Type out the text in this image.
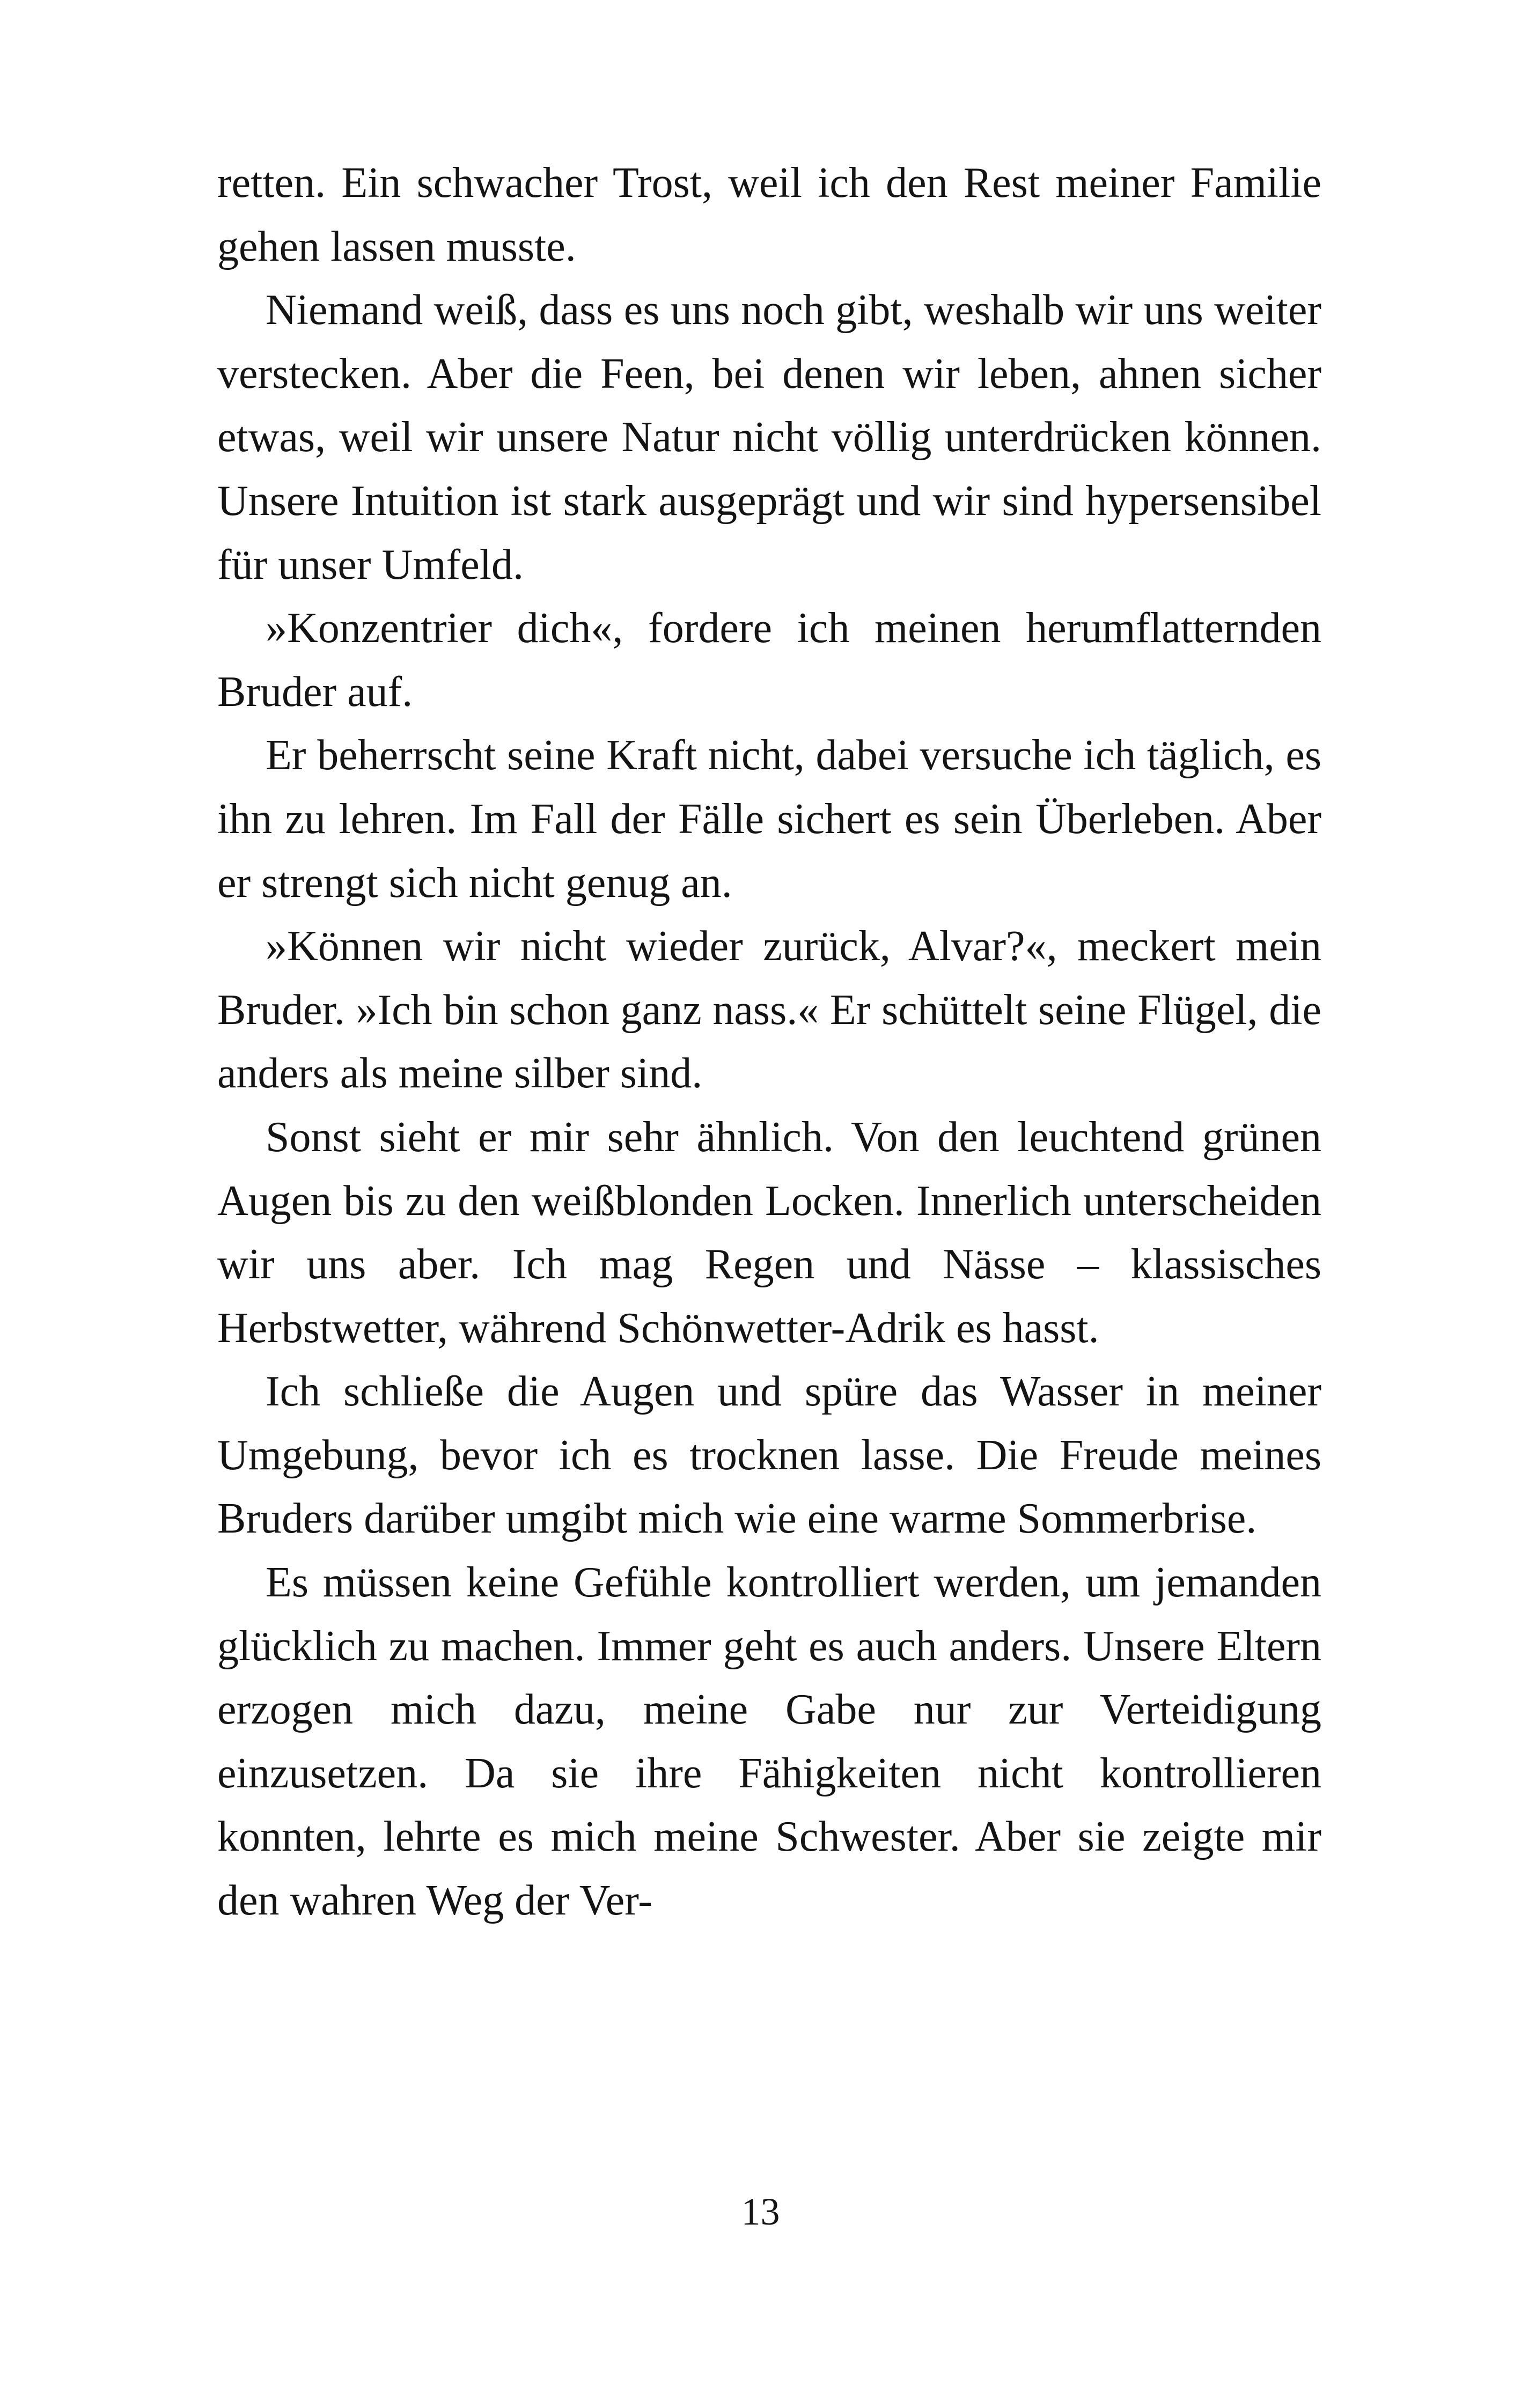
retten. Ein schwacher Trost, weil ich den Rest meiner Familie gehen lassen musste.

Niemand weiß, dass es uns noch gibt, weshalb wir uns weiter verstecken. Aber die Feen, bei denen wir leben, ahnen sicher etwas, weil wir unsere Natur nicht völlig unterdrücken können. Unsere Intuition ist stark ausgeprägt und wir sind hypersensibel für unser Umfeld.

»Konzentrier dich«, fordere ich meinen herumflatternden Bruder auf.

Er beherrscht seine Kraft nicht, dabei versuche ich täglich, es ihn zu lehren. Im Fall der Fälle sichert es sein Überleben. Aber er strengt sich nicht genug an.

»Können wir nicht wieder zurück, Alvar?«, meckert mein Bruder. »Ich bin schon ganz nass.« Er schüttelt seine Flügel, die anders als meine silber sind.

Sonst sieht er mir sehr ähnlich. Von den leuchtend grünen Augen bis zu den weißblonden Locken. Innerlich unterscheiden wir uns aber. Ich mag Regen und Nässe – klassisches Herbstwetter, während Schönwetter-Adrik es hasst.

Ich schließe die Augen und spüre das Wasser in meiner Umgebung, bevor ich es trocknen lasse. Die Freude meines Bruders darüber umgibt mich wie eine warme Sommerbrise.

Es müssen keine Gefühle kontrolliert werden, um jemanden glücklich zu machen. Immer geht es auch anders. Unsere Eltern erzogen mich dazu, meine Gabe nur zur Verteidigung einzusetzen. Da sie ihre Fähigkeiten nicht kontrollieren konnten, lehrte es mich meine Schwester. Aber sie zeigte mir den wahren Weg der Ver-

13
